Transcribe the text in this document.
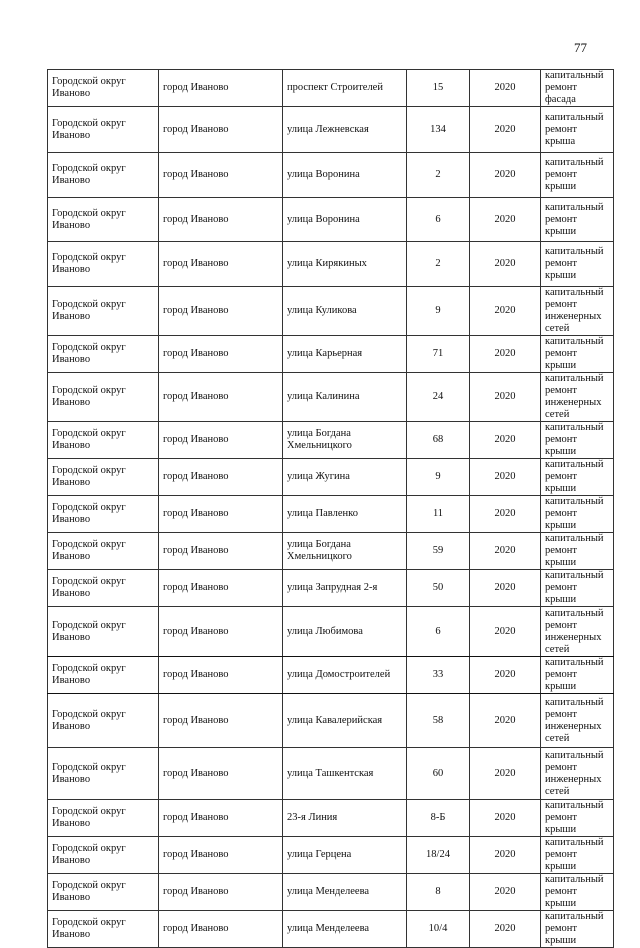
77
Городской округ Иваново	город Иваново	проспект Строителей	15	2020	капитальный ремонт фасада
Городской округ Иваново	город Иваново	улица Лежневская	134	2020	капитальный ремонт крыша
Городской округ Иваново	город Иваново	улица Воронина	2	2020	капитальный ремонт крыши
Городской округ Иваново	город Иваново	улица Воронина	6	2020	капитальный ремонт крыши
Городской округ Иваново	город Иваново	улица Кирякиных	2	2020	капитальный ремонт крыши
Городской округ Иваново	город Иваново	улица Куликова	9	2020	капитальный ремонт инженерных сетей
Городской округ Иваново	город Иваново	улица Карьерная	71	2020	капитальный ремонт крыши
Городской округ Иваново	город Иваново	улица Калинина	24	2020	капитальный ремонт инженерных сетей
Городской округ Иваново	город Иваново	улица Богдана Хмельницкого	68	2020	капитальный ремонт крыши
Городской округ Иваново	город Иваново	улица Жугина	9	2020	капитальный ремонт крыши
Городской округ Иваново	город Иваново	улица Павленко	11	2020	капитальный ремонт крыши
Городской округ Иваново	город Иваново	улица Богдана Хмельницкого	59	2020	капитальный ремонт крыши
Городской округ Иваново	город Иваново	улица Запрудная 2-я	50	2020	капитальный ремонт крыши
Городской округ Иваново	город Иваново	улица Любимова	6	2020	капитальный ремонт инженерных сетей
Городской округ Иваново	город Иваново	улица Домостроителей	33	2020	капитальный ремонт крыши
Городской округ Иваново	город Иваново	улица Кавалерийская	58	2020	капитальный ремонт инженерных сетей
Городской округ Иваново	город Иваново	улица Ташкентская	60	2020	капитальный ремонт инженерных сетей
Городской округ Иваново	город Иваново	23-я Линия	8-Б	2020	капитальный ремонт крыши
Городской округ Иваново	город Иваново	улица Герцена	18/24	2020	капитальный ремонт крыши
Городской округ Иваново	город Иваново	улица Менделеева	8	2020	капитальный ремонт крыши
Городской округ Иваново	город Иваново	улица Менделеева	10/4	2020	капитальный ремонт крыши
